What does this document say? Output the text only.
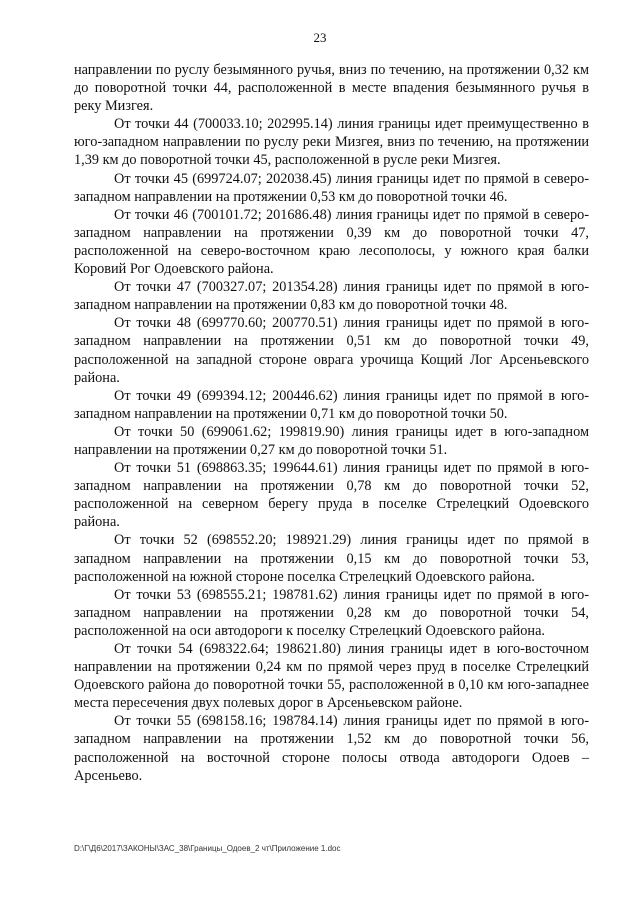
23

направлении по руслу безымянного ручья, вниз по течению, на протяжении 0,32 км до поворотной точки 44, расположенной в месте впадения безымянного ручья в реку Мизгея.

От точки 44 (700033.10; 202995.14) линия границы идет преимущественно в юго-западном направлении по руслу реки Мизгея, вниз по течению, на протяжении 1,39 км до поворотной точки 45, расположенной в русле реки Мизгея.

От точки 45 (699724.07; 202038.45) линия границы идет по прямой в северо-западном направлении на протяжении 0,53 км до поворотной точки 46.

От точки 46 (700101.72; 201686.48) линия границы идет по прямой в северо-западном направлении на протяжении 0,39 км до поворотной точки 47, расположенной на северо-восточном краю лесополосы, у южного края балки Коровий Рог Одоевского района.

От точки 47 (700327.07; 201354.28) линия границы идет по прямой в юго-западном направлении на протяжении 0,83 км до поворотной точки 48.

От точки 48 (699770.60; 200770.51) линия границы идет по прямой в юго-западном направлении на протяжении 0,51 км до поворотной точки 49, расположенной на западной стороне оврага урочища Кощий Лог Арсеньевского района.

От точки 49 (699394.12; 200446.62) линия границы идет по прямой в юго-западном направлении на протяжении 0,71 км до поворотной точки 50.

От точки 50 (699061.62; 199819.90) линия границы идет в юго-западном направлении на протяжении 0,27 км до поворотной точки 51.

От точки 51 (698863.35; 199644.61) линия границы идет по прямой в юго-западном направлении на протяжении 0,78 км до поворотной точки 52, расположенной на северном берегу пруда в поселке Стрелецкий Одоевского района.

От точки 52 (698552.20; 198921.29) линия границы идет по прямой в западном направлении на протяжении 0,15 км до поворотной точки 53, расположенной на южной стороне поселка Стрелецкий Одоевского района.

От точки 53 (698555.21; 198781.62) линия границы идет по прямой в юго-западном направлении на протяжении 0,28 км до поворотной точки 54, расположенной на оси автодороги к поселку Стрелецкий Одоевского района.

От точки 54 (698322.64; 198621.80) линия границы идет в юго-восточном направлении на протяжении 0,24 км по прямой через пруд в поселке Стрелецкий Одоевского района до поворотной точки 55, расположенной в 0,10 км юго-западнее места пересечения двух полевых дорог в Арсеньевском районе.

От точки 55 (698158.16; 198784.14) линия границы идет по прямой в юго-западном направлении на протяжении 1,52 км до поворотной точки 56, расположенной на восточной стороне полосы отвода автодороги Одоев – Арсеньево.

D:\Г\Д6\2017\ЗАКОНЫ\ЗАС_38\Границы_Одоев_2 чт\Приложение 1.doc
